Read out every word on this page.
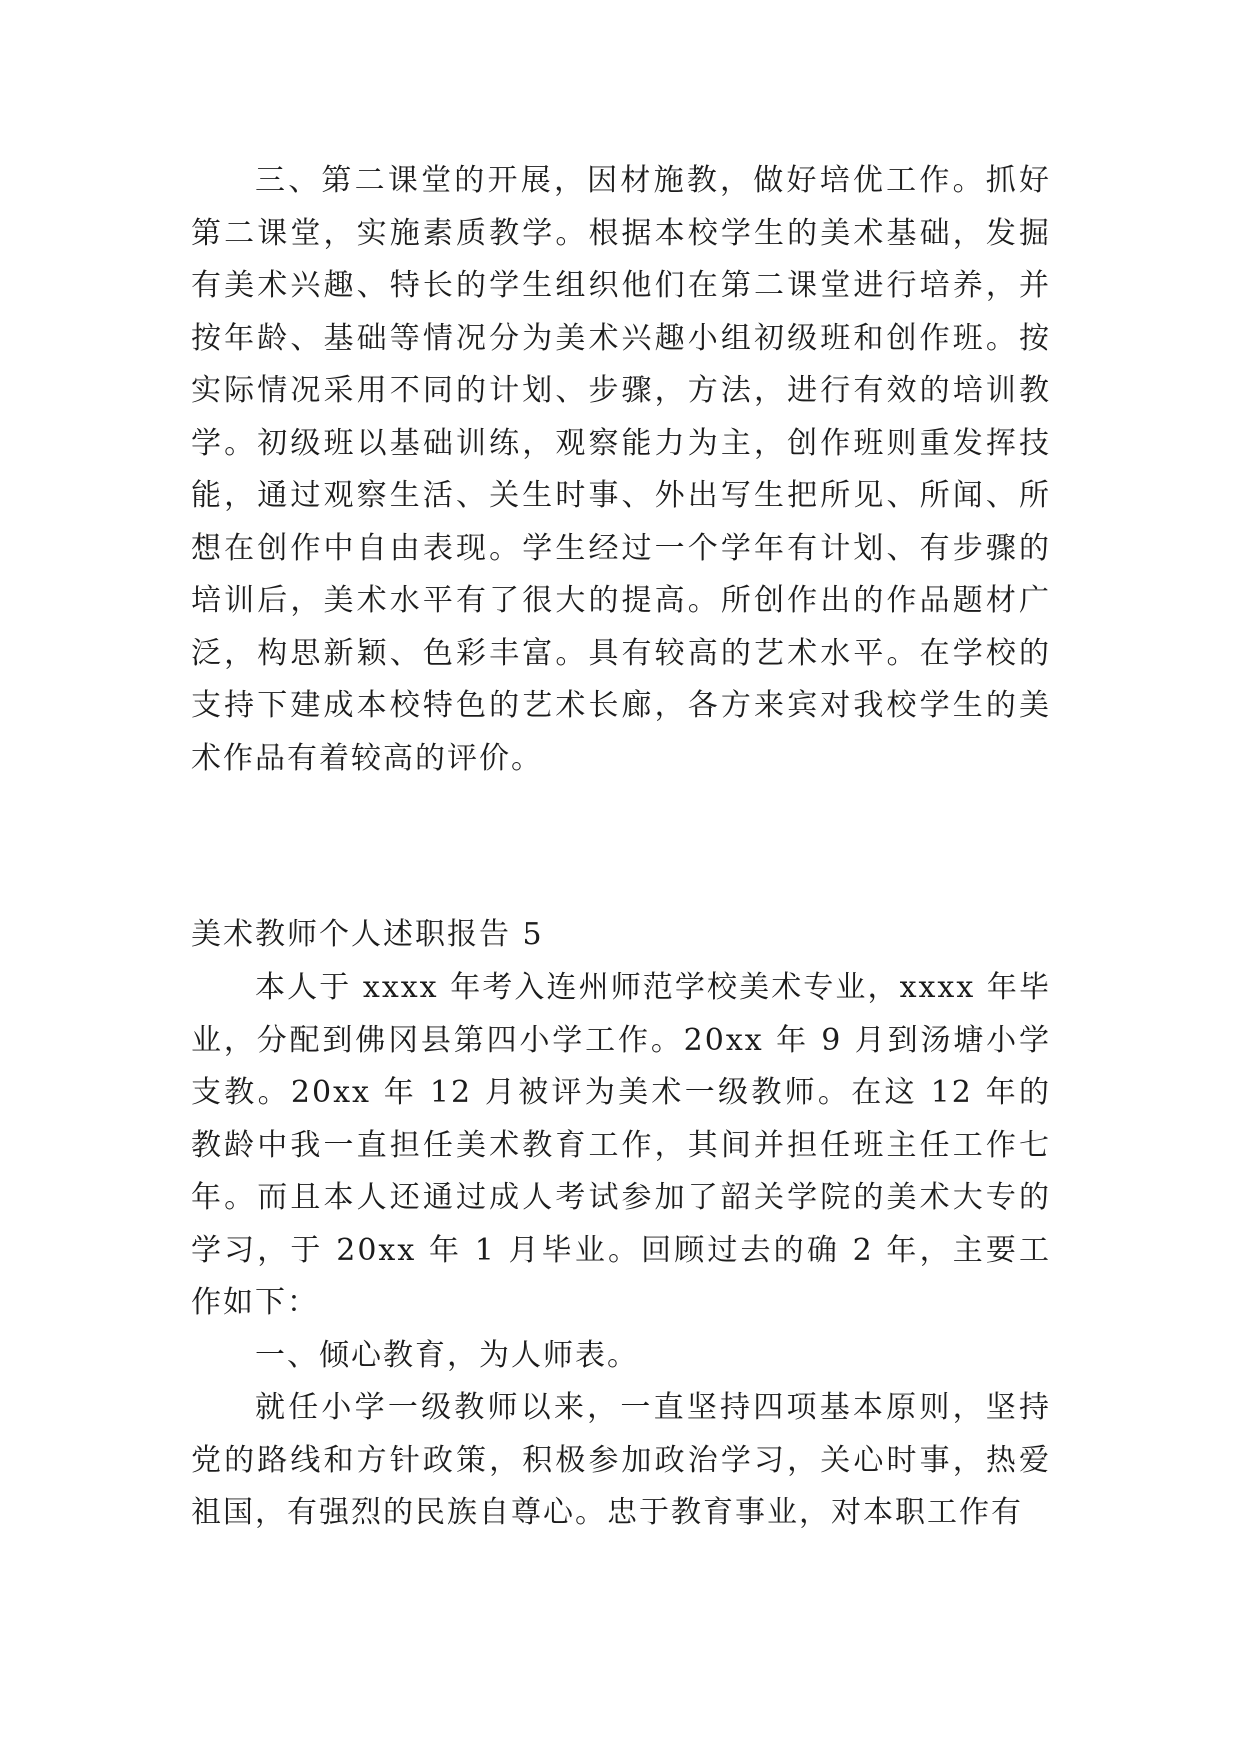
三、第二课堂的开展，因材施教，做好培优工作。抓好第二课堂，实施素质教学。根据本校学生的美术基础，发掘有美术兴趣、特长的学生组织他们在第二课堂进行培养，并按年龄、基础等情况分为美术兴趣小组初级班和创作班。按实际情况采用不同的计划、步骤，方法，进行有效的培训教学。初级班以基础训练，观察能力为主，创作班则重发挥技能，通过观察生活、关生时事、外出写生把所见、所闻、所想在创作中自由表现。学生经过一个学年有计划、有步骤的培训后，美术水平有了很大的提高。所创作出的作品题材广泛，构思新颖、色彩丰富。具有较高的艺术水平。在学校的支持下建成本校特色的艺术长廊，各方来宾对我校学生的美术作品有着较高的评价。

美术教师个人述职报告 5

本人于 xxxx 年考入连州师范学校美术专业，xxxx 年毕业，分配到佛冈县第四小学工作。20xx 年 9 月到汤塘小学支教。20xx 年 12 月被评为美术一级教师。在这 12 年的教龄中我一直担任美术教育工作，其间并担任班主任工作七年。而且本人还通过成人考试参加了韶关学院的美术大专的学习，于 20xx 年 1 月毕业。回顾过去的确 2 年，主要工作如下：

一、倾心教育，为人师表。

就任小学一级教师以来，一直坚持四项基本原则，坚持党的路线和方针政策，积极参加政治学习，关心时事，热爱祖国，有强烈的民族自尊心。忠于教育事业，对本职工作有
